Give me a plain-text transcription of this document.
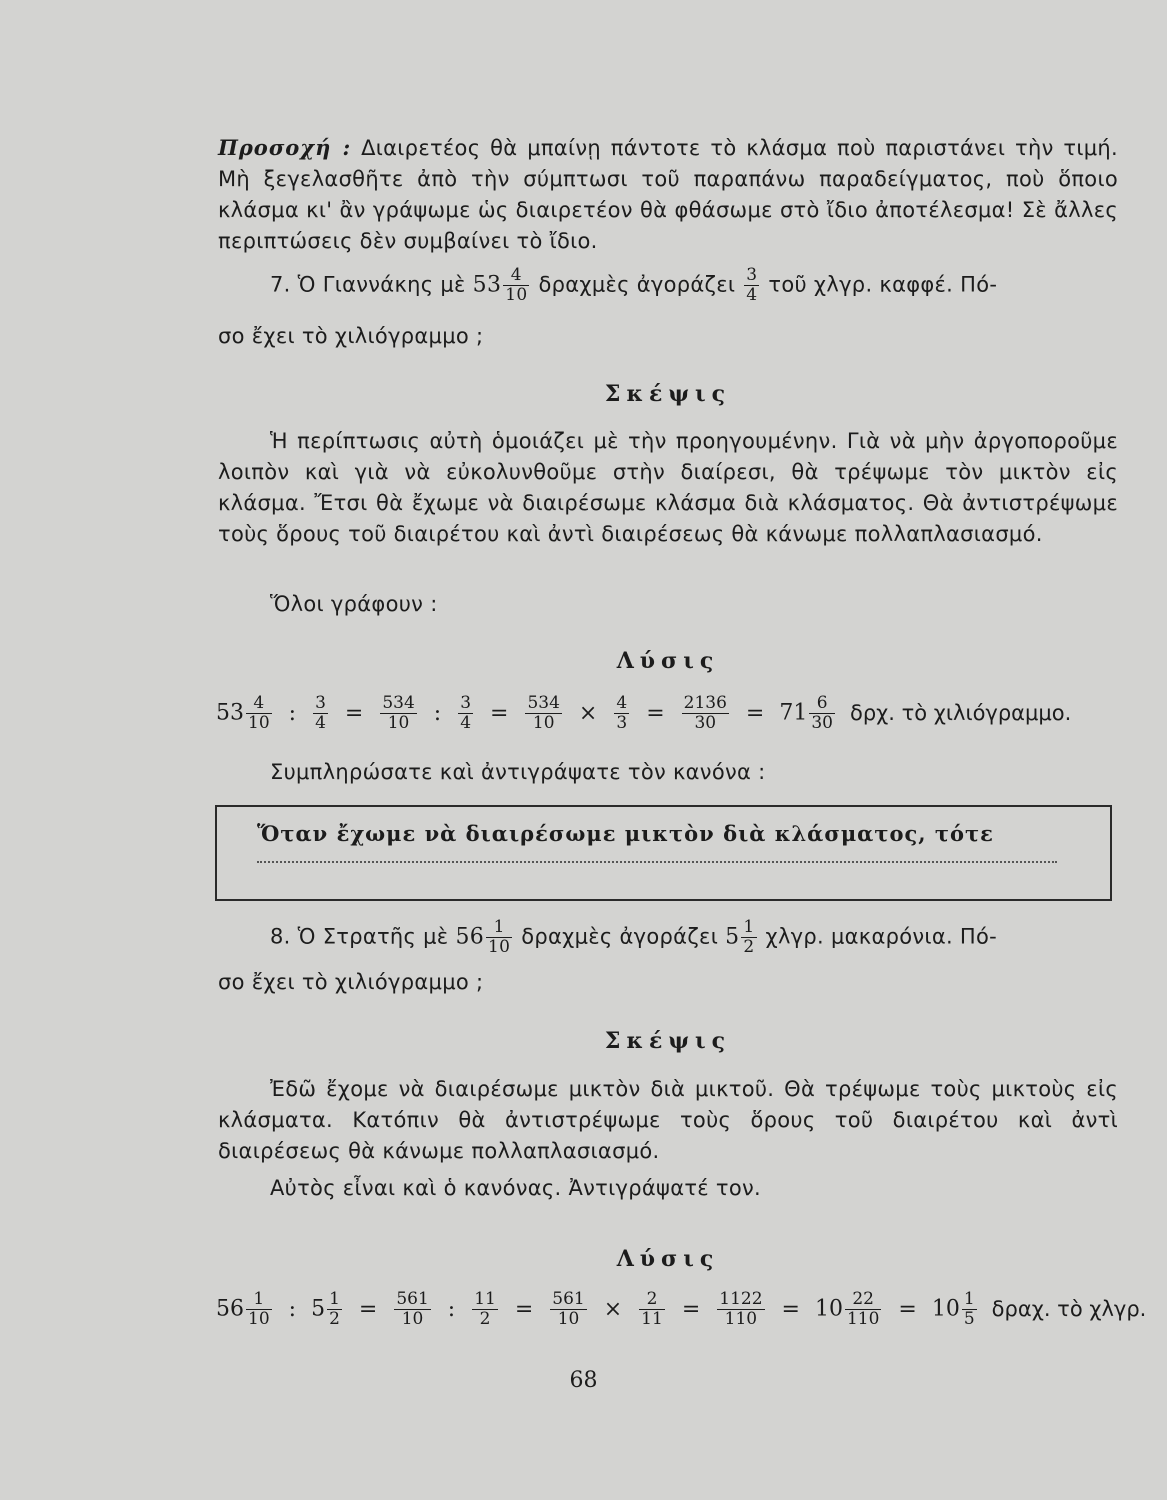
Προσοχή : Διαιρετέος θὰ μπαίνῃ πάντοτε τὸ κλάσμα ποὺ παριστάνει τὴν τιμή. Μὴ ξεγελασθῆτε ἀπὸ τὴν σύμπτωσι τοῦ παραπάνω παραδείγματος, ποὺ ὅποιο κλάσμα κι' ἂν γράψωμε ὡς διαιρετέον θὰ φθάσωμε στὸ ἴδιο ἀποτέλεσμα! Σὲ ἄλλες περιπτώσεις δὲν συμβαίνει τὸ ἴδιο.

7. Ὁ Γιαννάκης μὲ $53 \frac{4}{10}$ δραχμὲς ἀγοράζει $\frac{3}{4}$ τοῦ χλγρ. καφφέ. Πό-
σο ἔχει τὸ χιλιόγραμμο ;
Σκέψις

Ἡ περίπτωσις αὐτὴ ὁμοιάζει μὲ τὴν προηγουμένην. Γιὰ νὰ μὴν ἀργοποροῦμε λοιπὸν καὶ γιὰ νὰ εὐκολυνθοῦμε στὴν διαίρεσι, θὰ τρέψωμε τὸν μικτὸν εἰς κλάσμα. Ἔτσι θὰ ἔχωμε νὰ διαιρέσωμε κλάσμα διὰ κλάσματος. Θὰ ἀντιστρέψωμε τοὺς ὅρους τοῦ διαιρέτου καὶ ἀντὶ διαιρέσεως θὰ κάνωμε πολλαπλασιασμό.

Ὅλοι γράφουν :
Λύσις
$53 \frac{4}{10}$ : $\frac{3}{4} = \frac{534}{10}$ : $\frac{3}{4} = \frac{534}{10} \times \frac{4}{3} = \frac{2136}{30} = 71 \frac{6}{30} \delta\rho\chi$. τὸ χιλιόγραμμο.
Συμπληρώσατε καὶ ἀντιγράψατε τὸν κανόνα :
Ὅταν ἔχωμε νὰ διαιρέσωμε μικτὸν διὰ κλάσματος, τότε
8. Ὁ Στρατῆς μὲ $56 \frac{1}{10}$ δραχμὲς ἀγοράζει $5 \frac{1}{2} \chi\lambda\gamma\rho$. μακαρόνια. Πό-
σο ἔχει τὸ χιλιόγραμμο ;
Σκέψις

Ἐδῶ ἔχομε νὰ διαιρέσωμε μικτὸν διὰ μικτοῦ. Θὰ τρέψωμε τοὺς μικτοὺς εἰς κλάσματα. Κατόπιν θὰ ἀντιστρέψωμε τοὺς ὅρους τοῦ διαιρέτου καὶ ἀντὶ διαιρέσεως θὰ κάνωμε πολλαπλασιασμό.

Αὐτὸς εἶναι καὶ ὁ κανόνας. Ἀντιγράψατέ τον.
Λύσις
$56 \frac{1}{10}$ : $5 \frac{1}{2} = \frac{561}{10}$ : $\frac{11}{2} = \frac{561}{10} \times \frac{2}{11} = \frac{1122}{110} = 10 \frac{22}{110} = 10 \frac{1}{5} \delta\rho\alpha\chi$. τὸ χλγρ.
68
